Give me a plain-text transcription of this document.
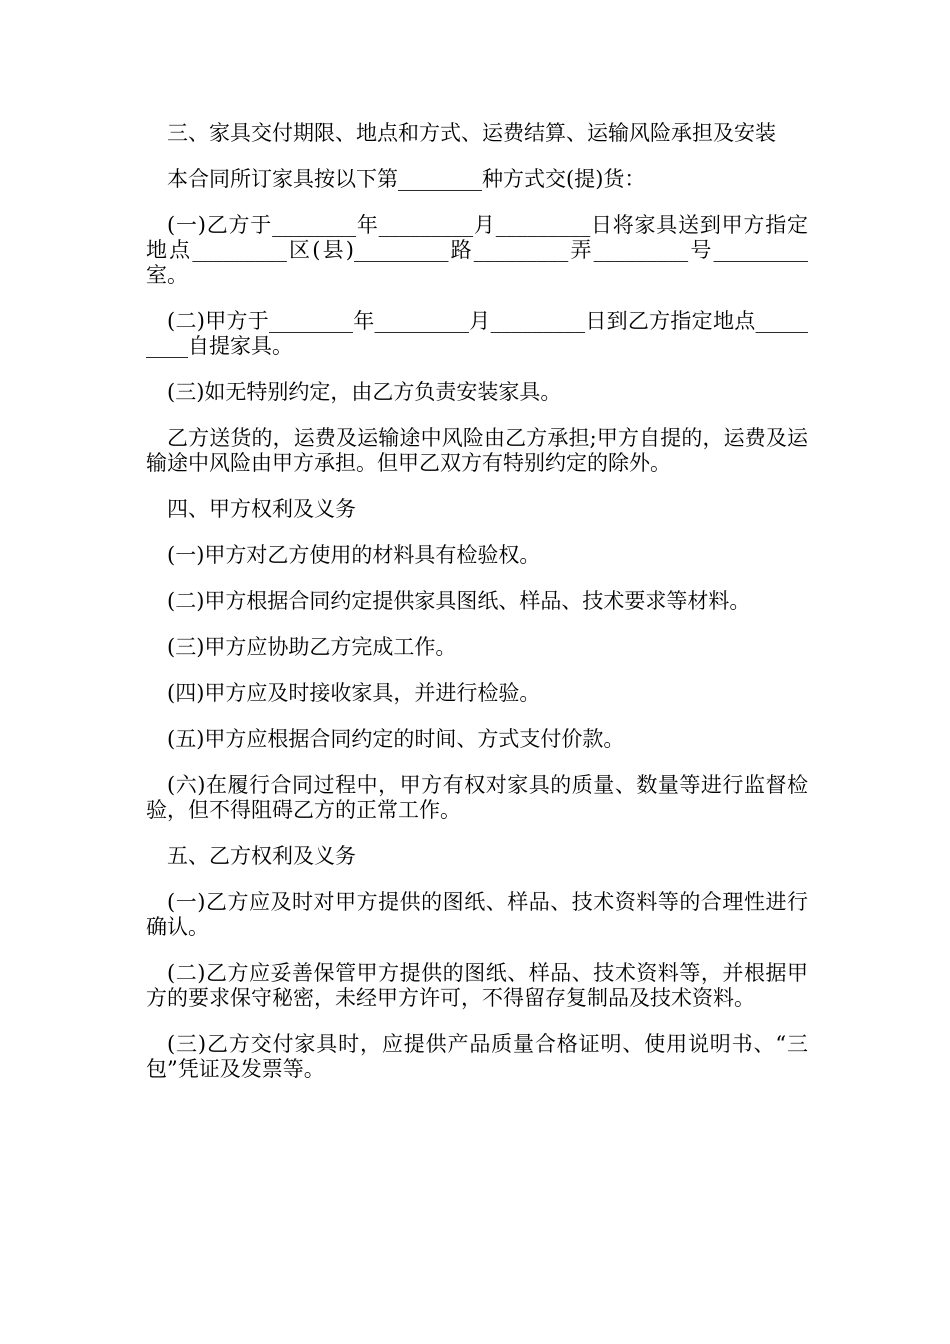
三、家具交付期限、地点和方式、运费结算、运输风险承担及安装

本合同所订家具按以下第________种方式交(提)货：

(一)乙方于________年_________月_________日将家具送到甲方指定地点_________区(县)_________路_________弄_________号_________室。

(二)甲方于________年_________月_________日到乙方指定地点_________自提家具。

(三)如无特别约定，由乙方负责安装家具。

乙方送货的，运费及运输途中风险由乙方承担;甲方自提的，运费及运输途中风险由甲方承担。但甲乙双方有特别约定的除外。

四、甲方权利及义务

(一)甲方对乙方使用的材料具有检验权。

(二)甲方根据合同约定提供家具图纸、样品、技术要求等材料。

(三)甲方应协助乙方完成工作。

(四)甲方应及时接收家具，并进行检验。

(五)甲方应根据合同约定的时间、方式支付价款。

(六)在履行合同过程中，甲方有权对家具的质量、数量等进行监督检验，但不得阻碍乙方的正常工作。

五、乙方权利及义务

(一)乙方应及时对甲方提供的图纸、样品、技术资料等的合理性进行确认。

(二)乙方应妥善保管甲方提供的图纸、样品、技术资料等，并根据甲方的要求保守秘密，未经甲方许可，不得留存复制品及技术资料。

(三)乙方交付家具时，应提供产品质量合格证明、使用说明书、“三包”凭证及发票等。
